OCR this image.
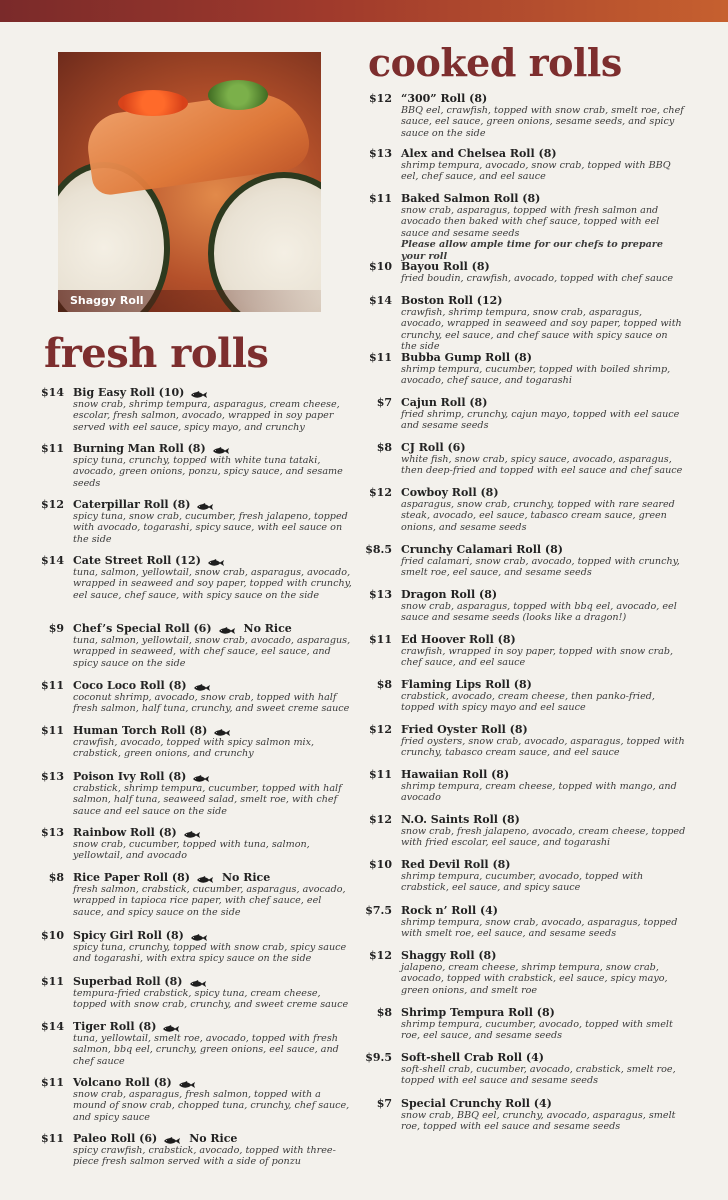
Shaggy Roll
fresh rolls
cooked rolls
$14 Big Easy Roll (10)
snow crab, shrimp tempura, asparagus, cream cheese, escolar, fresh salmon, avocado, wrapped in soy paper served with eel sauce, spicy mayo, and crunchy
$11 Burning Man Roll (8)
spicy tuna, crunchy, topped with white tuna tataki, avocado, green onions, ponzu, spicy sauce, and sesame seeds
$12 Caterpillar Roll (8)
spicy tuna, snow crab, cucumber, fresh jalapeno, topped with avocado, togarashi, spicy sauce, with eel sauce on the side
$14 Cate Street Roll (12)
tuna, salmon, yellowtail, snow crab, asparagus, avocado, wrapped in seaweed and soy paper, topped with crunchy, eel sauce, chef sauce, with spicy sauce on the side
$9 Chef’s Special Roll (6)	No Rice
tuna, salmon, yellowtail, snow crab, avocado, asparagus, wrapped in seaweed, with chef sauce, eel sauce, and spicy sauce on the side
$11 Coco Loco Roll (8)
coconut shrimp, avocado, snow crab, topped with half fresh salmon, half tuna, crunchy, and sweet creme sauce
$11 Human Torch Roll (8)
crawfish, avocado, topped with spicy salmon mix, crabstick, green onions, and crunchy
$13 Poison Ivy Roll (8)
crabstick, shrimp tempura, cucumber, topped with half salmon, half tuna, seaweed salad, smelt roe, with chef sauce and eel sauce on the side
$13 Rainbow Roll (8)
snow crab, cucumber, topped with tuna, salmon, yellowtail, and avocado
$8 Rice Paper Roll (8)	No Rice
fresh salmon, crabstick, cucumber, asparagus, avocado, wrapped in tapioca rice paper, with chef sauce, eel sauce, and spicy sauce on the side
$10 Spicy Girl Roll (8)
spicy tuna, crunchy, topped with snow crab, spicy sauce and togarashi, with extra spicy sauce on the side
$11 Superbad Roll (8)
tempura-fried crabstick, spicy tuna, cream cheese, topped with snow crab, crunchy, and sweet creme sauce
$14 Tiger Roll (8)
tuna, yellowtail, smelt roe, avocado, topped with fresh salmon, bbq eel, crunchy, green onions, eel sauce, and chef sauce
$11 Volcano Roll (8)
snow crab, asparagus, fresh salmon, topped with a mound of snow crab, chopped tuna, crunchy, chef sauce, and spicy sauce
$11 Paleo Roll (6)	No Rice
spicy crawfish, crabstick, avocado, topped with three-piece fresh salmon served with a side of ponzu
$12 “300” Roll (8)
BBQ eel, crawfish, topped with snow crab, smelt roe, chef sauce, eel sauce, green onions, sesame seeds, and spicy sauce on the side
$13 Alex and Chelsea Roll (8)
shrimp tempura, avocado, snow crab, topped with BBQ eel, chef sauce, and eel sauce
$11 Baked Salmon Roll (8)
snow crab, asparagus, topped with fresh salmon and avocado then baked with chef sauce, topped with eel sauce and sesame seeds
Please allow ample time for our chefs to prepare your roll
$10 Bayou Roll (8)
fried boudin, crawfish, avocado, topped with chef sauce
$14 Boston Roll (12)
crawfish, shrimp tempura, snow crab, asparagus, avocado, wrapped in seaweed and soy paper, topped with crunchy, eel sauce, and chef sauce with spicy sauce on the side
$11 Bubba Gump Roll (8)
shrimp tempura, cucumber, topped with boiled shrimp, avocado, chef sauce, and togarashi
$7 Cajun Roll (8)
fried shrimp, crunchy, cajun mayo, topped with eel sauce and sesame seeds
$8 CJ Roll (6)
white fish, snow crab, spicy sauce, avocado, asparagus, then deep-fried and topped with eel sauce and chef sauce
$12 Cowboy Roll (8)
asparagus, snow crab, crunchy, topped with rare seared steak, avocado, eel sauce, tabasco cream sauce, green onions, and sesame seeds
$8.5 Crunchy Calamari Roll (8)
fried calamari, snow crab, avocado, topped with crunchy, smelt roe, eel sauce, and sesame seeds
$13 Dragon Roll (8)
snow crab, asparagus, topped with bbq eel, avocado, eel sauce and sesame seeds (looks like a dragon!)
$11 Ed Hoover Roll (8)
crawfish, wrapped in soy paper, topped with snow crab, chef sauce, and eel sauce
$8 Flaming Lips Roll (8)
crabstick, avocado, cream cheese, then panko-fried, topped with spicy mayo and eel sauce
$12 Fried Oyster Roll (8)
fried oysters, snow crab, avocado, asparagus, topped with crunchy, tabasco cream sauce, and eel sauce
$11 Hawaiian Roll (8)
shrimp tempura, cream cheese, topped with mango, and avocado
$12 N.O. Saints Roll (8)
snow crab, fresh jalapeno, avocado, cream cheese, topped with fried escolar, eel sauce, and togarashi
$10 Red Devil Roll (8)
shrimp tempura, cucumber, avocado, topped with crabstick, eel sauce, and spicy sauce
$7.5 Rock n’ Roll (4)
shrimp tempura, snow crab, avocado, asparagus, topped with smelt roe, eel sauce, and sesame seeds
$12 Shaggy Roll (8)
jalapeno, cream cheese, shrimp tempura, snow crab, avocado, topped with crabstick, eel sauce, spicy mayo, green onions, and smelt roe
$8 Shrimp Tempura Roll (8)
shrimp tempura, cucumber, avocado, topped with smelt roe, eel sauce, and sesame seeds
$9.5 Soft-shell Crab Roll (4)
soft-shell crab, cucumber, avocado, crabstick, smelt roe, topped with eel sauce and sesame seeds
$7 Special Crunchy Roll (4)
snow crab, BBQ eel, crunchy, avocado, asparagus, smelt roe, topped with eel sauce and sesame seeds
